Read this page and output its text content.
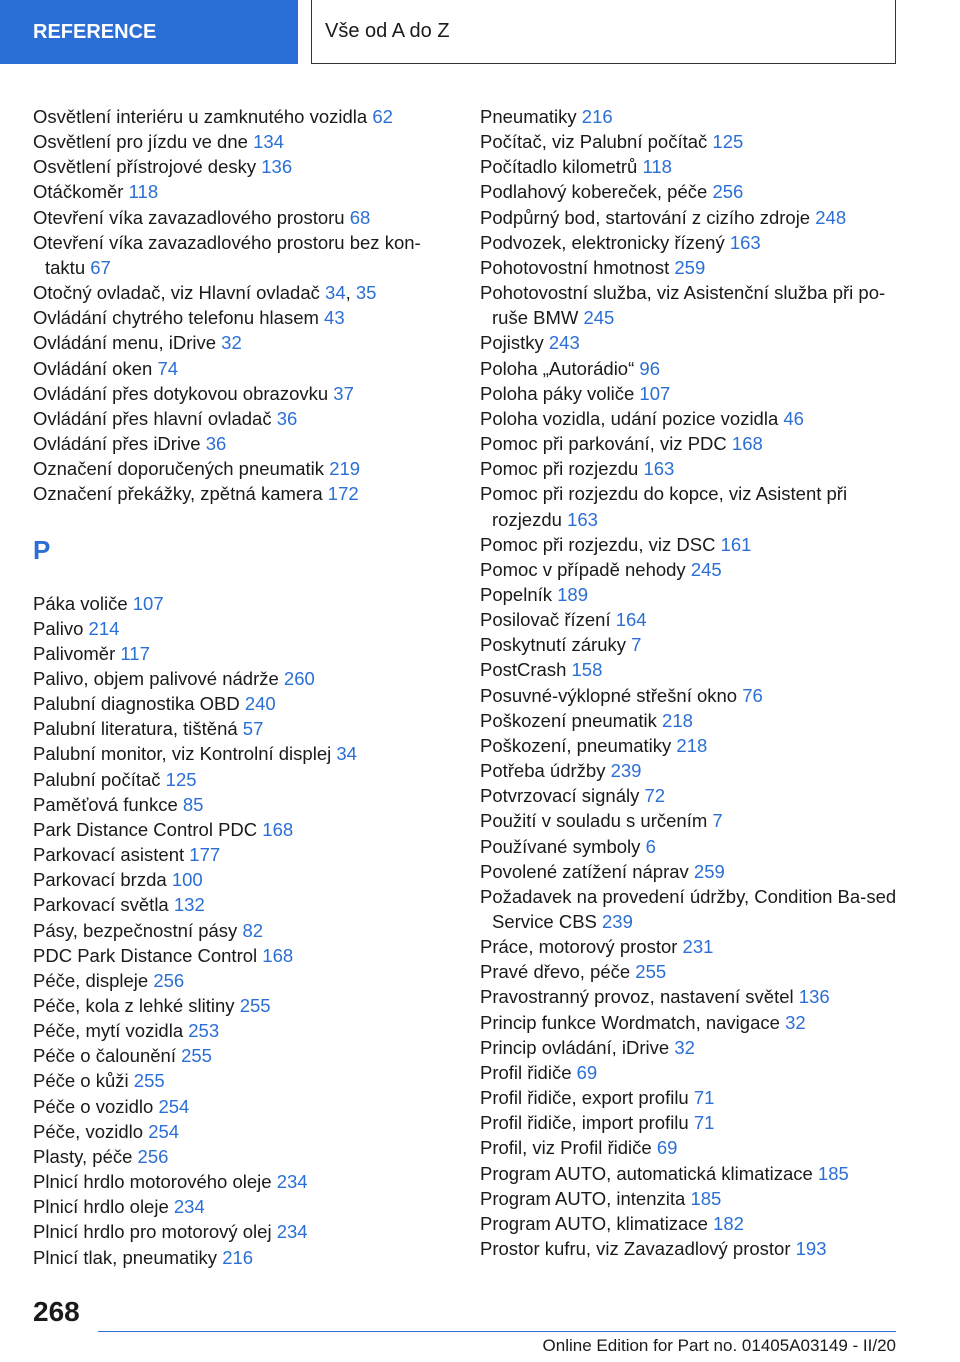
REFERENCE	Vše od A do Z
Osvětlení interiéru u zamknutého vozidla 62
Osvětlení pro jízdu ve dne 134
Osvětlení přístrojové desky 136
Otáčkoměr 118
Otevření víka zavazadlového prostoru 68
Otevření víka zavazadlového prostoru bez kon-taktu 67
Otočný ovladač, viz Hlavní ovladač 34, 35
Ovládání chytrého telefonu hlasem 43
Ovládání menu, iDrive 32
Ovládání oken 74
Ovládání přes dotykovou obrazovku 37
Ovládání přes hlavní ovladač 36
Ovládání přes iDrive 36
Označení doporučených pneumatik 219
Označení překážky, zpětná kamera 172
P
Páka voliče 107
Palivo 214
Palivoměr 117
Palivo, objem palivové nádrže 260
Palubní diagnostika OBD 240
Palubní literatura, tištěná 57
Palubní monitor, viz Kontrolní displej 34
Palubní počítač 125
Paměťová funkce 85
Park Distance Control PDC 168
Parkovací asistent 177
Parkovací brzda 100
Parkovací světla 132
Pásy, bezpečnostní pásy 82
PDC Park Distance Control 168
Péče, displeje 256
Péče, kola z lehké slitiny 255
Péče, mytí vozidla 253
Péče o čalounění 255
Péče o kůži 255
Péče o vozidlo 254
Péče, vozidlo 254
Plasty, péče 256
Plnicí hrdlo motorového oleje 234
Plnicí hrdlo oleje 234
Plnicí hrdlo pro motorový olej 234
Plnicí tlak, pneumatiky 216
Pneumatiky 216
Počítač, viz Palubní počítač 125
Počítadlo kilometrů 118
Podlahový kobereček, péče 256
Podpůrný bod, startování z cizího zdroje 248
Podvozek, elektronicky řízený 163
Pohotovostní hmotnost 259
Pohotovostní služba, viz Asistenční služba při po-ruše BMW 245
Pojistky 243
Poloha „Autorádio“ 96
Poloha páky voliče 107
Poloha vozidla, udání pozice vozidla 46
Pomoc při parkování, viz PDC 168
Pomoc při rozjezdu 163
Pomoc při rozjezdu do kopce, viz Asistent při rozjezdu 163
Pomoc při rozjezdu, viz DSC 161
Pomoc v případě nehody 245
Popelník 189
Posilovač řízení 164
Poskytnutí záruky 7
PostCrash 158
Posuvné-výklopné střešní okno 76
Poškození pneumatik 218
Poškození, pneumatiky 218
Potřeba údržby 239
Potvrzovací signály 72
Použití v souladu s určením 7
Používané symboly 6
Povolené zatížení náprav 259
Požadavek na provedení údržby, Condition Ba-sed Service CBS 239
Práce, motorový prostor 231
Pravé dřevo, péče 255
Pravostranný provoz, nastavení světel 136
Princip funkce Wordmatch, navigace 32
Princip ovládání, iDrive 32
Profil řidiče 69
Profil řidiče, export profilu 71
Profil řidiče, import profilu 71
Profil, viz Profil řidiče 69
Program AUTO, automatická klimatizace 185
Program AUTO, intenzita 185
Program AUTO, klimatizace 182
Prostor kufru, viz Zavazadlový prostor 193
268
Online Edition for Part no. 01405A03149 - II/20
